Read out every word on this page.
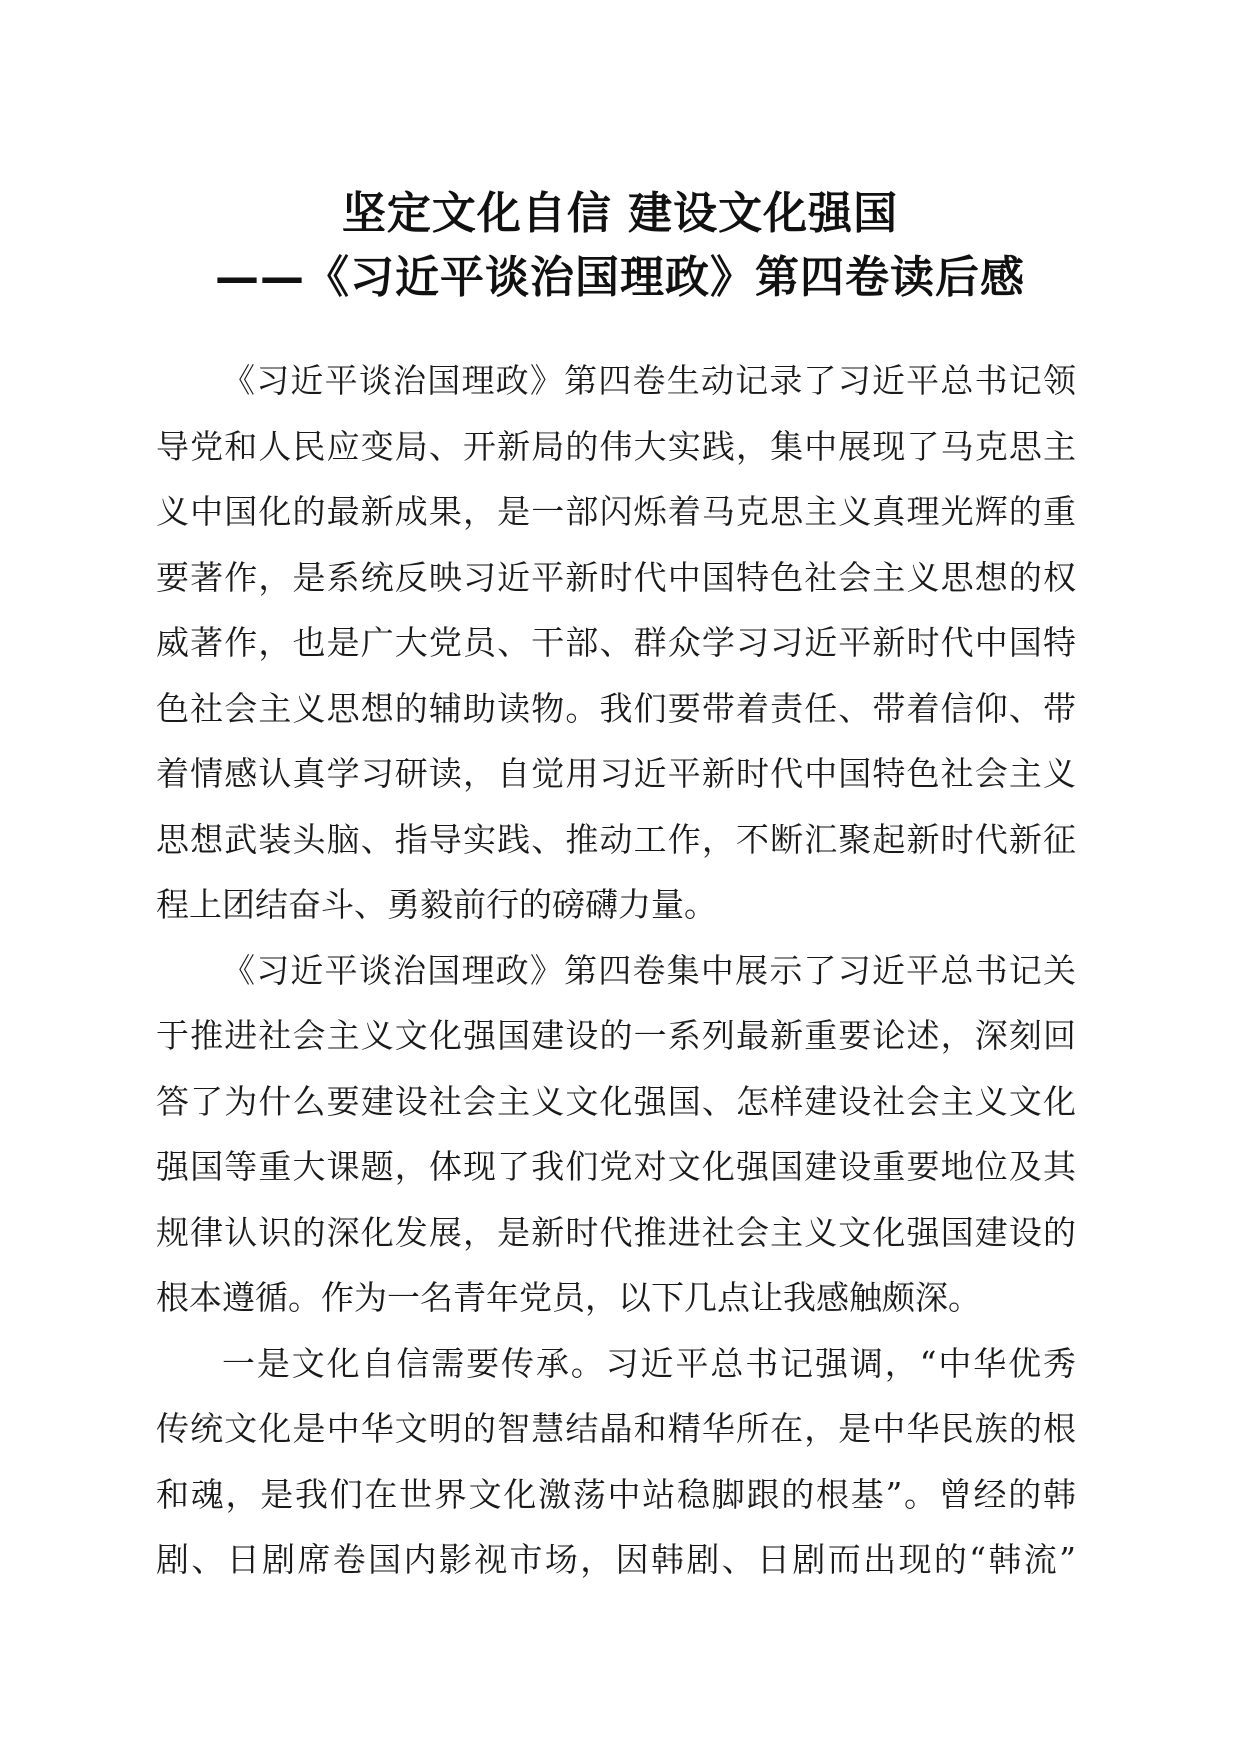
坚定文化自信 建设文化强国
——《习近平谈治国理政》第四卷读后感
《习近平谈治国理政》第四卷生动记录了习近平总书记领
导党和人民应变局、开新局的伟大实践，集中展现了马克思主
义中国化的最新成果，是一部闪烁着马克思主义真理光辉的重
要著作，是系统反映习近平新时代中国特色社会主义思想的权
威著作，也是广大党员、干部、群众学习习近平新时代中国特
色社会主义思想的辅助读物。我们要带着责任、带着信仰、带
着情感认真学习研读，自觉用习近平新时代中国特色社会主义
思想武装头脑、指导实践、推动工作，不断汇聚起新时代新征
程上团结奋斗、勇毅前行的磅礴力量。
《习近平谈治国理政》第四卷集中展示了习近平总书记关
于推进社会主义文化强国建设的一系列最新重要论述，深刻回
答了为什么要建设社会主义文化强国、怎样建设社会主义文化
强国等重大课题，体现了我们党对文化强国建设重要地位及其
规律认识的深化发展，是新时代推进社会主义文化强国建设的
根本遵循。作为一名青年党员，以下几点让我感触颇深。
一是文化自信需要传承。习近平总书记强调，“中华优秀
传统文化是中华文明的智慧结晶和精华所在，是中华民族的根
和魂，是我们在世界文化激荡中站稳脚跟的根基”。曾经的韩
剧、日剧席卷国内影视市场，因韩剧、日剧而出现的“韩流”
